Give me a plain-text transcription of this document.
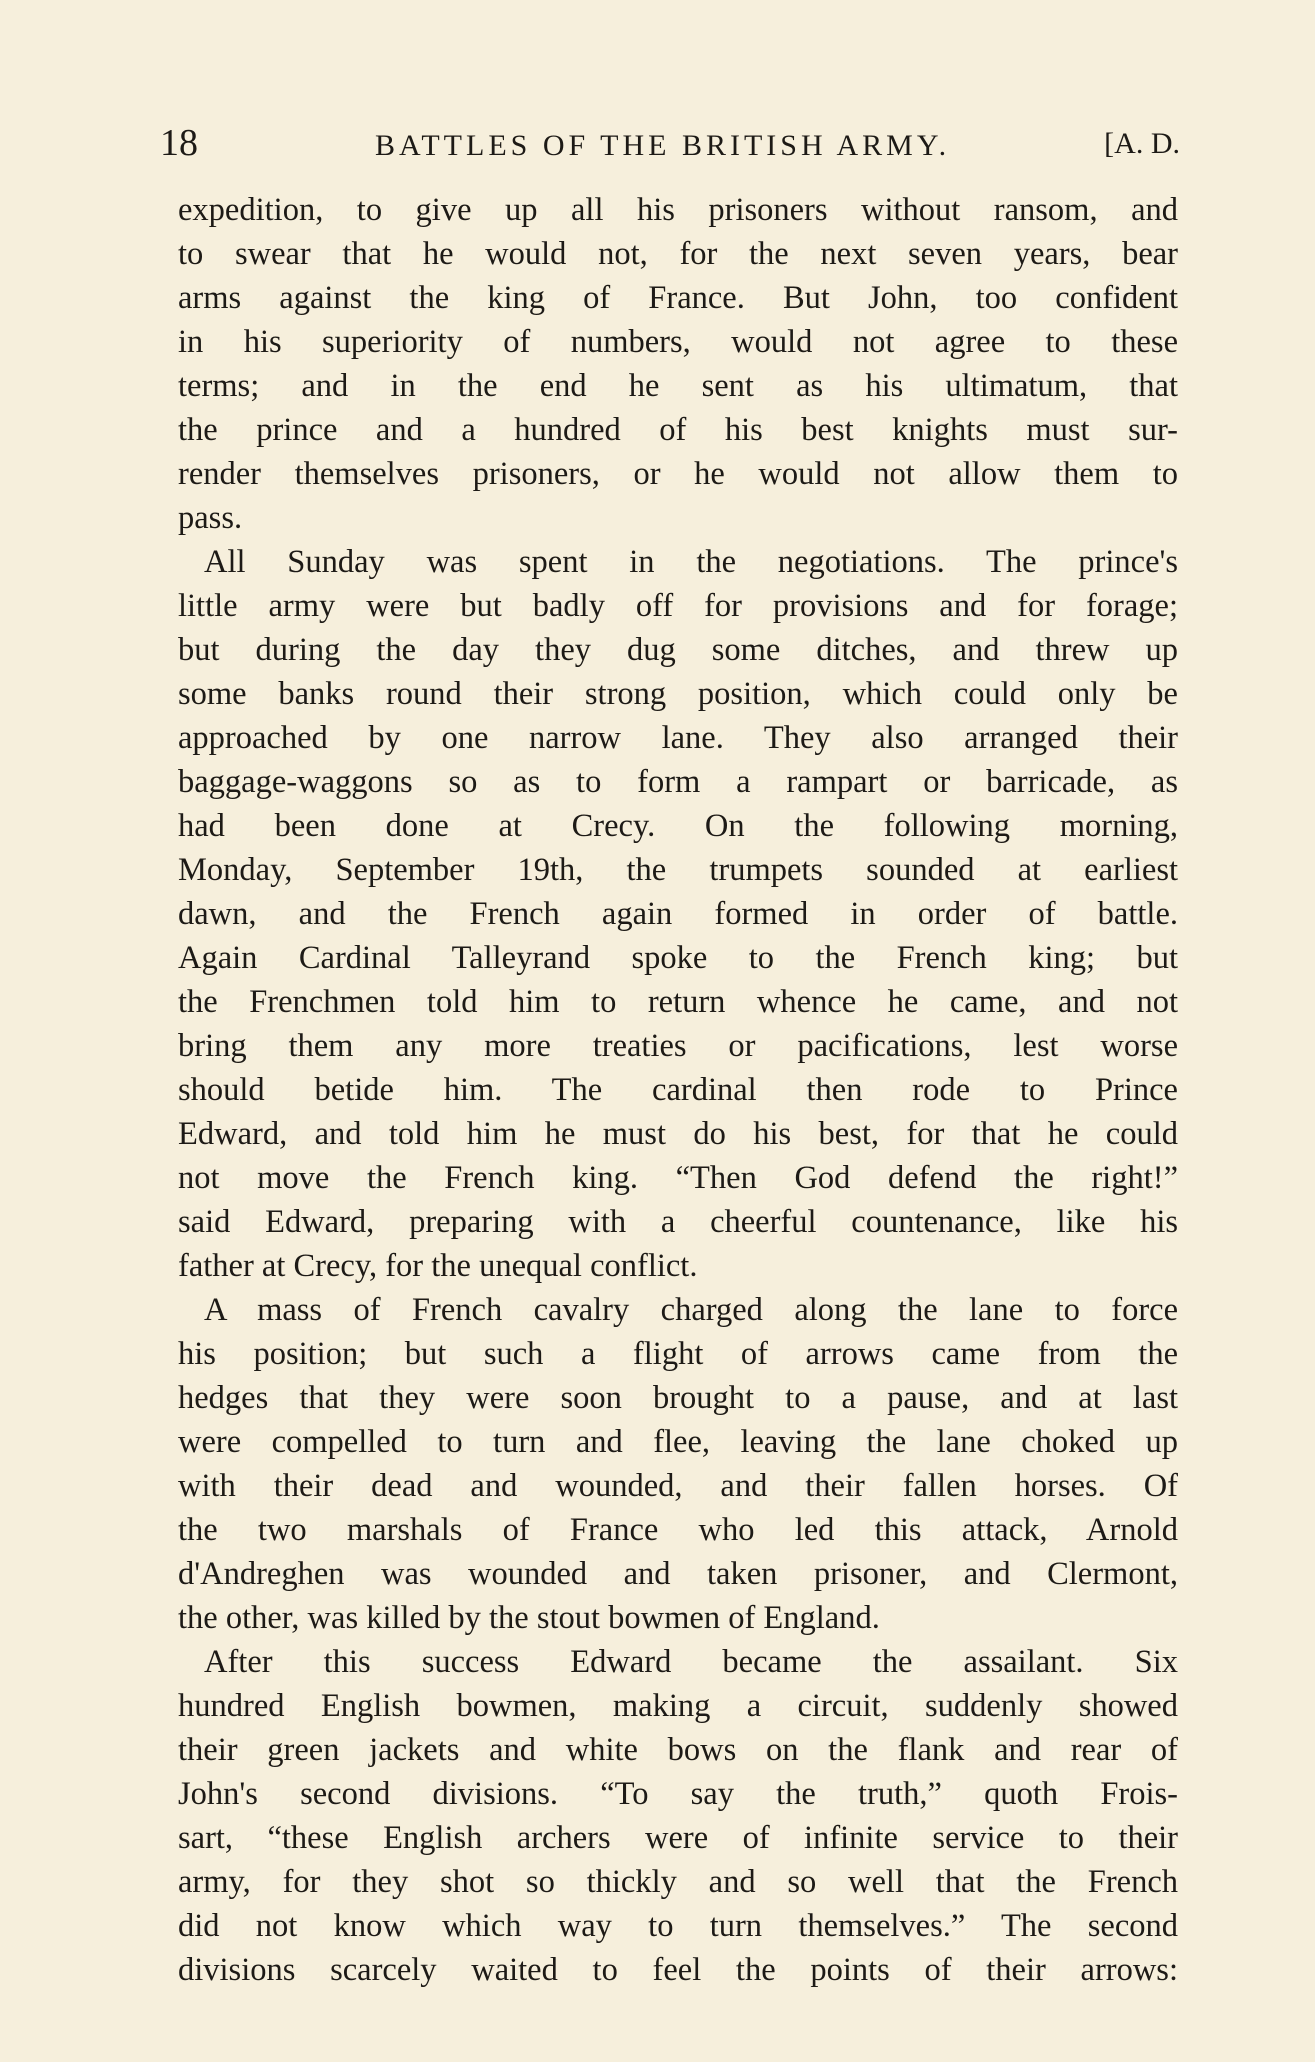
18	BATTLES OF THE BRITISH ARMY.	[A. D.
expedition, to give up all his prisoners without ransom, and
to swear that he would not, for the next seven years, bear
arms against the king of France. But John, too confident
in his superiority of numbers, would not agree to these
terms; and in the end he sent as his ultimatum, that
the prince and a hundred of his best knights must sur-
render themselves prisoners, or he would not allow them to
pass.
All Sunday was spent in the negotiations. The prince's
little army were but badly off for provisions and for forage;
but during the day they dug some ditches, and threw up
some banks round their strong position, which could only be
approached by one narrow lane. They also arranged their
baggage-waggons so as to form a rampart or barricade, as
had been done at Crecy. On the following morning,
Monday, September 19th, the trumpets sounded at earliest
dawn, and the French again formed in order of battle.
Again Cardinal Talleyrand spoke to the French king; but
the Frenchmen told him to return whence he came, and not
bring them any more treaties or pacifications, lest worse
should betide him. The cardinal then rode to Prince
Edward, and told him he must do his best, for that he could
not move the French king. “Then God defend the right!”
said Edward, preparing with a cheerful countenance, like his
father at Crecy, for the unequal conflict.
A mass of French cavalry charged along the lane to force
his position; but such a flight of arrows came from the
hedges that they were soon brought to a pause, and at last
were compelled to turn and flee, leaving the lane choked up
with their dead and wounded, and their fallen horses. Of
the two marshals of France who led this attack, Arnold
d'Andreghen was wounded and taken prisoner, and Clermont,
the other, was killed by the stout bowmen of England.
After this success Edward became the assailant. Six
hundred English bowmen, making a circuit, suddenly showed
their green jackets and white bows on the flank and rear of
John's second divisions. “To say the truth,” quoth Frois-
sart, “these English archers were of infinite service to their
army, for they shot so thickly and so well that the French
did not know which way to turn themselves.” The second
divisions scarcely waited to feel the points of their arrows:
